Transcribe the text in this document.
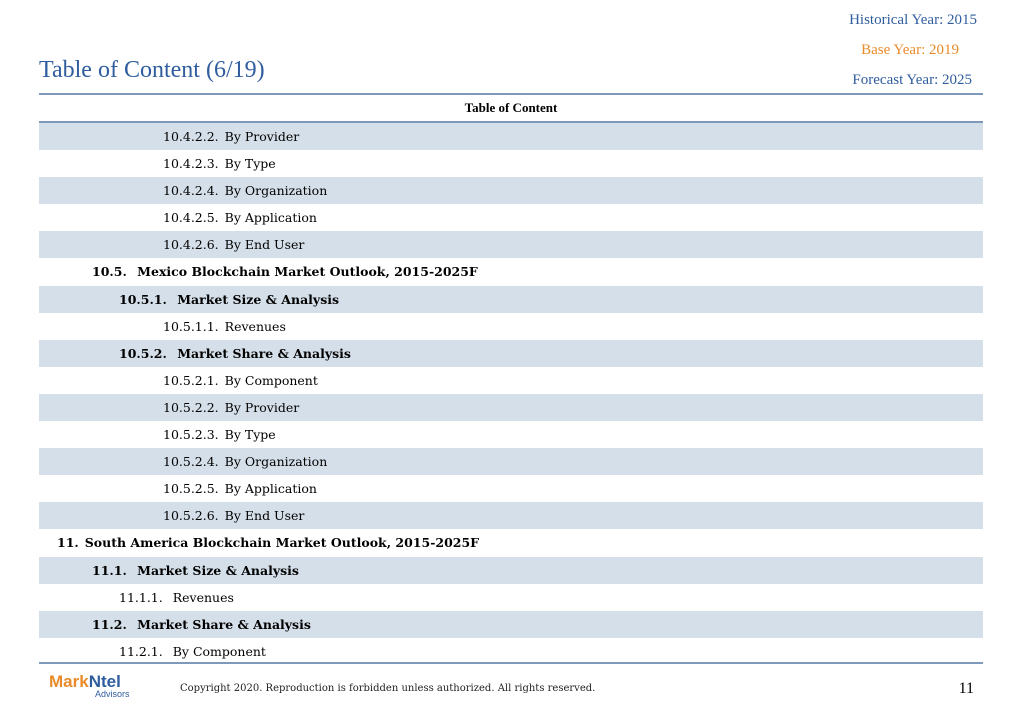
Table of Content (6/19)
Historical Year: 2015
Base Year: 2019
Forecast Year: 2025
Table of Content
10.4.2.2. By Provider
10.4.2.3. By Type
10.4.2.4. By Organization
10.4.2.5. By Application
10.4.2.6. By End User
10.5. Mexico Blockchain Market Outlook, 2015-2025F
10.5.1. Market Size & Analysis
10.5.1.1. Revenues
10.5.2. Market Share & Analysis
10.5.2.1. By Component
10.5.2.2. By Provider
10.5.2.3. By Type
10.5.2.4. By Organization
10.5.2.5. By Application
10.5.2.6. By End User
11. South America Blockchain Market Outlook, 2015-2025F
11.1. Market Size & Analysis
11.1.1. Revenues
11.2. Market Share & Analysis
11.2.1. By Component
MarkNtel
Advisors	Copyright 2020. Reproduction is forbidden unless authorized. All rights reserved.	11
